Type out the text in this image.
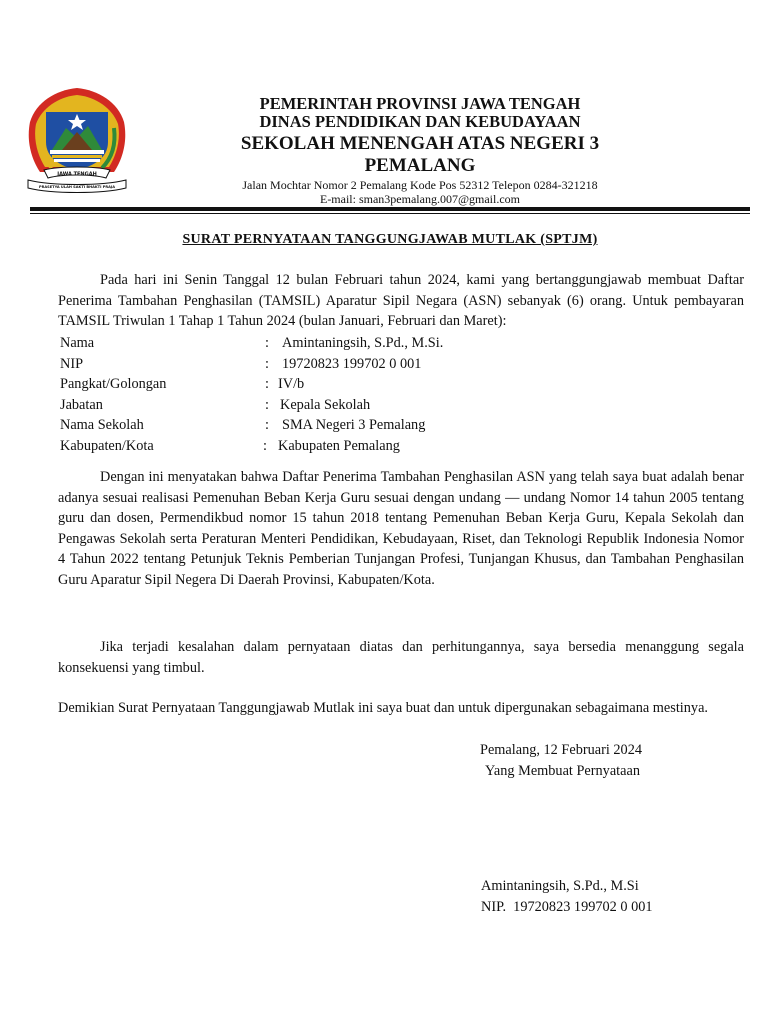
JAWA TENGAH
PRASETYA ULAH SAKTI BHAKTI PRAJA
PEMERINTAH PROVINSI JAWA TENGAH
DINAS PENDIDIKAN DAN KEBUDAYAAN
SEKOLAH MENENGAH ATAS NEGERI 3
PEMALANG
Jalan Mochtar Nomor 2 Pemalang Kode Pos 52312 Telepon 0284-321218
E-mail: sman3pemalang.007@gmail.com
SURAT PERNYATAAN TANGGUNGJAWAB MUTLAK (SPTJM)
Pada hari ini Senin Tanggal 12 bulan Februari tahun 2024, kami yang bertanggungjawab membuat Daftar Penerima Tambahan Penghasilan (TAMSIL) Aparatur Sipil Negara (ASN) sebanyak (6) orang. Untuk pembayaran TAMSIL Triwulan 1 Tahap 1 Tahun 2024 (bulan Januari, Februari dan Maret):
Nama	: Amintaningsih, S.Pd., M.Si.
NIP	: 19720823 199702 0 001
Pangkat/Golongan	: IV/b
Jabatan	: Kepala Sekolah
Nama Sekolah	: SMA Negeri 3 Pemalang
Kabupaten/Kota	: Kabupaten Pemalang
Dengan ini menyatakan bahwa Daftar Penerima Tambahan Penghasilan ASN yang telah saya buat adalah benar adanya sesuai realisasi Pemenuhan Beban Kerja Guru sesuai dengan undang — undang Nomor 14 tahun 2005 tentang guru dan dosen, Permendikbud nomor 15 tahun 2018 tentang Pemenuhan Beban Kerja Guru, Kepala Sekolah dan Pengawas Sekolah serta Peraturan Menteri Pendidikan, Kebudayaan, Riset, dan Teknologi Republik Indonesia Nomor 4 Tahun 2022 tentang Petunjuk Teknis Pemberian Tunjangan Profesi, Tunjangan Khusus, dan Tambahan Penghasilan Guru Aparatur Sipil Negera Di Daerah Provinsi, Kabupaten/Kota.
Jika terjadi kesalahan dalam pernyataan diatas dan perhitungannya, saya bersedia menanggung segala konsekuensi yang timbul.
Demikian Surat Pernyataan Tanggungjawab Mutlak ini saya buat dan untuk dipergunakan sebagaimana mestinya.
Pemalang, 12 Februari 2024
Yang Membuat Pernyataan
Amintaningsih, S.Pd., M.Si
NIP.  19720823 199702 0 001
